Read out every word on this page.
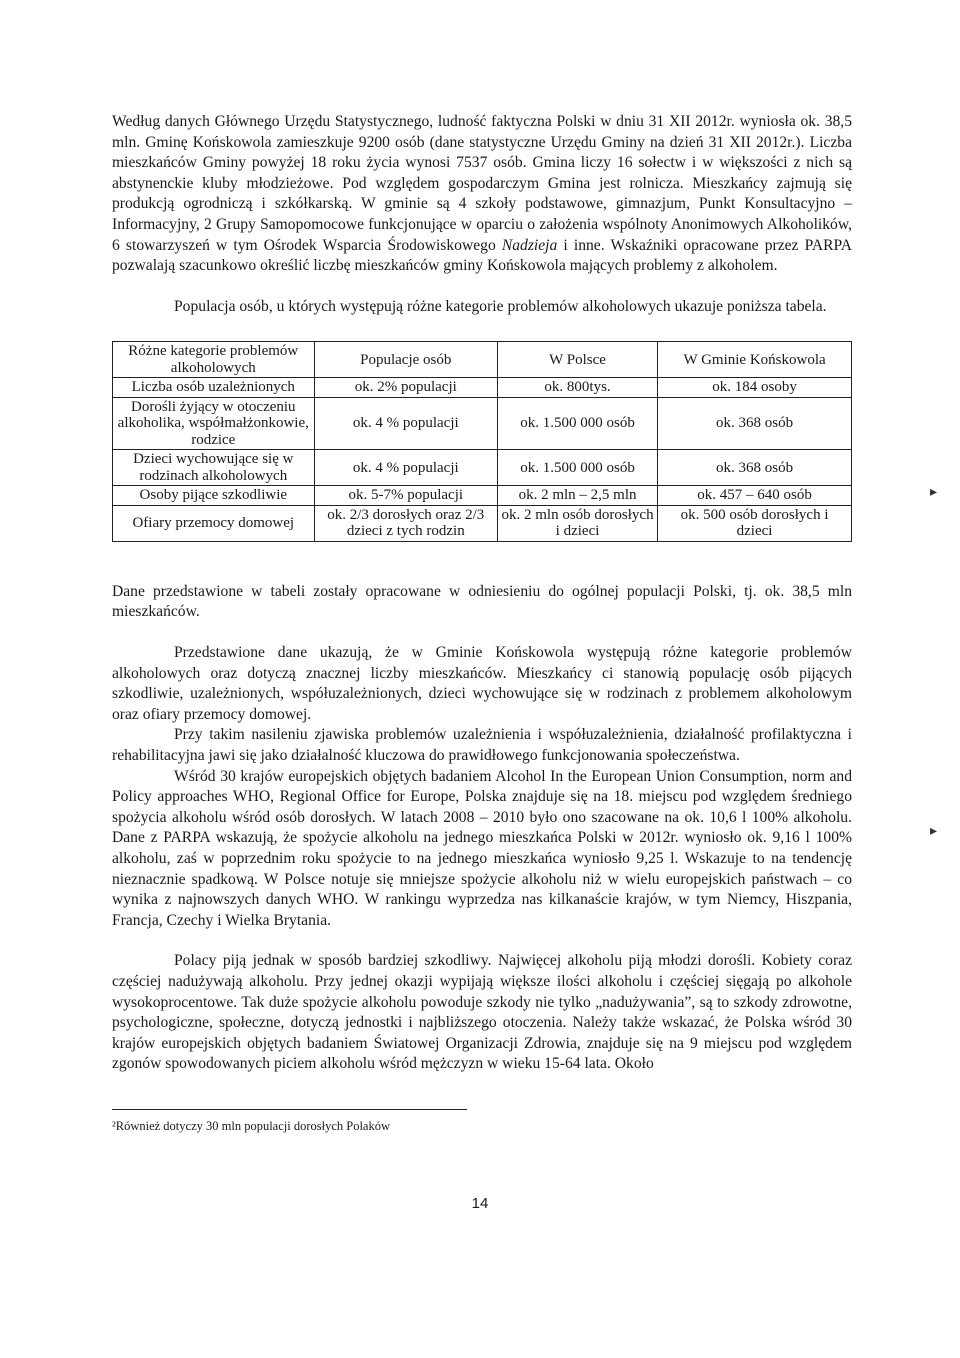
Według danych Głównego Urzędu Statystycznego, ludność faktyczna Polski w dniu 31 XII 2012r. wyniosła ok. 38,5 mln. Gminę Końskowola zamieszkuje 9200 osób (dane statystyczne Urzędu Gminy na dzień 31 XII 2012r.). Liczba mieszkańców Gminy powyżej 18 roku życia wynosi 7537 osób. Gmina liczy 16 sołectw i w większości z nich są abstynenckie kluby młodzieżowe. Pod względem gospodarczym Gmina jest rolnicza. Mieszkańcy zajmują się produkcją ogrodniczą i szkółkarską. W gminie są 4 szkoły podstawowe, gimnazjum, Punkt Konsultacyjno – Informacyjny, 2 Grupy Samopomocowe funkcjonujące w oparciu o założenia wspólnoty Anonimowych Alkoholików, 6 stowarzyszeń w tym Ośrodek Wsparcia Środowiskowego Nadzieja i inne. Wskaźniki opracowane przez PARPA pozwalają szacunkowo określić liczbę mieszkańców gminy Końskowola mających problemy z alkoholem.

Populacja osób, u których występują różne kategorie problemów alkoholowych ukazuje poniższa tabela.

Różne kategorie problemów alkoholowych	Populacje osób	W Polsce	W Gminie Końskowola
Liczba osób uzależnionych	ok. 2% populacji	ok. 800tys.	ok. 184 osoby
Dorośli żyjący w otoczeniu alkoholika, współmałżonkowie, rodzice	ok. 4 % populacji	ok. 1.500 000 osób	ok. 368 osób
Dzieci wychowujące się w rodzinach alkoholowych	ok. 4 % populacji	ok. 1.500 000 osób	ok. 368 osób
Osoby pijące szkodliwie	ok. 5-7% populacji	ok. 2 mln – 2,5 mln	ok. 457 – 640 osób
Ofiary przemocy domowej	ok. 2/3 dorosłych oraz 2/3 dzieci z tych rodzin	ok. 2 mln osób dorosłych i dzieci	ok. 500 osób dorosłych i dzieci

Dane przedstawione w tabeli zostały opracowane w odniesieniu do ogólnej populacji Polski, tj. ok. 38,5 mln mieszkańców.

Przedstawione dane ukazują, że w Gminie Końskowola występują różne kategorie problemów alkoholowych oraz dotyczą znacznej liczby mieszkańców. Mieszkańcy ci stanowią populację osób pijących szkodliwie, uzależnionych, współuzależnionych, dzieci wychowujące się w rodzinach z problemem alkoholowym oraz ofiary przemocy domowej.

Przy takim nasileniu zjawiska problemów uzależnienia i współuzależnienia, działalność profilaktyczna i rehabilitacyjna jawi się jako działalność kluczowa do prawidłowego funkcjonowania społeczeństwa.

Wśród 30 krajów europejskich objętych badaniem Alcohol In the European Union Consumption, norm and Policy approaches WHO, Regional Office for Europe, Polska znajduje się na 18. miejscu pod względem średniego spożycia alkoholu wśród osób dorosłych. W latach 2008 – 2010 było ono szacowane na ok. 10,6 l 100% alkoholu. Dane z PARPA wskazują, że spożycie alkoholu na jednego mieszkańca Polski w 2012r. wyniosło ok. 9,16 l 100% alkoholu, zaś w poprzednim roku spożycie to na jednego mieszkańca wyniosło 9,25 l. Wskazuje to na tendencję nieznacznie spadkową. W Polsce notuje się mniejsze spożycie alkoholu niż w wielu europejskich państwach – co wynika z najnowszych danych WHO. W rankingu wyprzedza nas kilkanaście krajów, w tym Niemcy, Hiszpania, Francja, Czechy i Wielka Brytania.

Polacy piją jednak w sposób bardziej szkodliwy. Najwięcej alkoholu piją młodzi dorośli. Kobiety coraz częściej nadużywają alkoholu. Przy jednej okazji wypijają większe ilości alkoholu i częściej sięgają po alkohole wysokoprocentowe. Tak duże spożycie alkoholu powoduje szkody nie tylko „nadużywania”, są to szkody zdrowotne, psychologiczne, społeczne, dotyczą jednostki i najbliższego otoczenia. Należy także wskazać, że Polska wśród 30 krajów europejskich objętych badaniem Światowej Organizacji Zdrowia, znajduje się na 9 miejscu pod względem zgonów spowodowanych piciem alkoholu wśród mężczyzn w wieku 15-64 lata. Około

²Również dotyczy 30 mln populacji dorosłych Polaków
14
▸
▸
